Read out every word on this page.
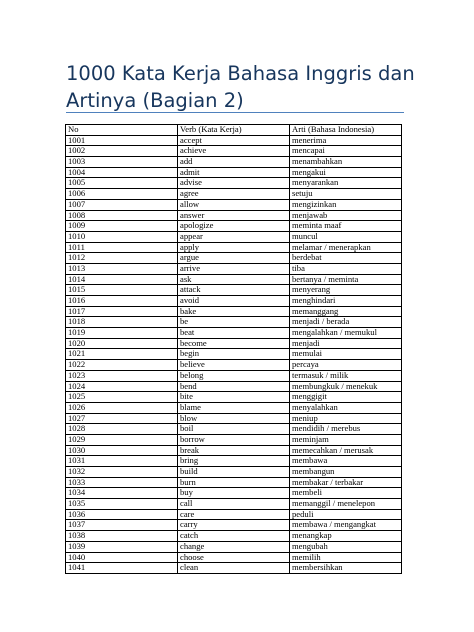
1000 Kata Kerja Bahasa Inggris dan
Artinya (Bagian 2)
No	Verb (Kata Kerja)	Arti (Bahasa Indonesia)
1001	accept	menerima
1002	achieve	mencapai
1003	add	menambahkan
1004	admit	mengakui
1005	advise	menyarankan
1006	agree	setuju
1007	allow	mengizinkan
1008	answer	menjawab
1009	apologize	meminta maaf
1010	appear	muncul
1011	apply	melamar / menerapkan
1012	argue	berdebat
1013	arrive	tiba
1014	ask	bertanya / meminta
1015	attack	menyerang
1016	avoid	menghindari
1017	bake	memanggang
1018	be	menjadi / berada
1019	beat	mengalahkan / memukul
1020	become	menjadi
1021	begin	memulai
1022	believe	percaya
1023	belong	termasuk / milik
1024	bend	membungkuk / menekuk
1025	bite	menggigit
1026	blame	menyalahkan
1027	blow	meniup
1028	boil	mendidih / merebus
1029	borrow	meminjam
1030	break	memecahkan / merusak
1031	bring	membawa
1032	build	membangun
1033	burn	membakar / terbakar
1034	buy	membeli
1035	call	memanggil / menelepon
1036	care	peduli
1037	carry	membawa / mengangkat
1038	catch	menangkap
1039	change	mengubah
1040	choose	memilih
1041	clean	membersihkan
